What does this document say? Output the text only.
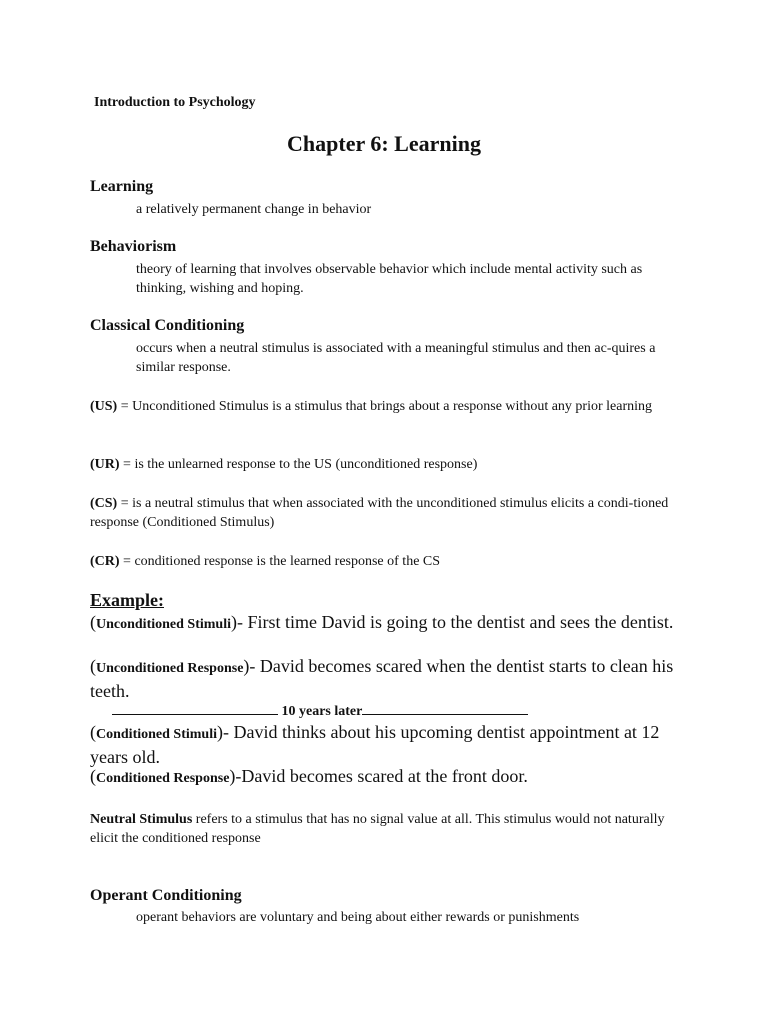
Introduction to Psychology
Chapter 6: Learning
Learning
a relatively permanent change in behavior
Behaviorism
theory of learning that involves observable behavior which include mental activity such as thinking, wishing and hoping.
Classical Conditioning
occurs when a neutral stimulus is associated with a meaningful stimulus and then ac-quires a similar response.
(US) = Unconditioned Stimulus is a stimulus that brings about a response without any prior learning
(UR) = is the unlearned response to the US (unconditioned response)
(CS) = is a neutral stimulus that when associated with the unconditioned stimulus elicits a condi-tioned response (Conditioned Stimulus)
(CR) = conditioned response is the learned response of the CS
Example:
(Unconditioned Stimuli)- First time David is going to the dentist and sees the dentist.
(Unconditioned Response)- David becomes scared when the dentist starts to clean his teeth.
10 years later
(Conditioned Stimuli)- David thinks about his upcoming dentist appointment at 12 years old.
(Conditioned Response)-David becomes scared at the front door.
Neutral Stimulus refers to a stimulus that has no signal value at all. This stimulus would not naturally elicit the conditioned response
Operant Conditioning
operant behaviors are voluntary and being about either rewards or punishments
